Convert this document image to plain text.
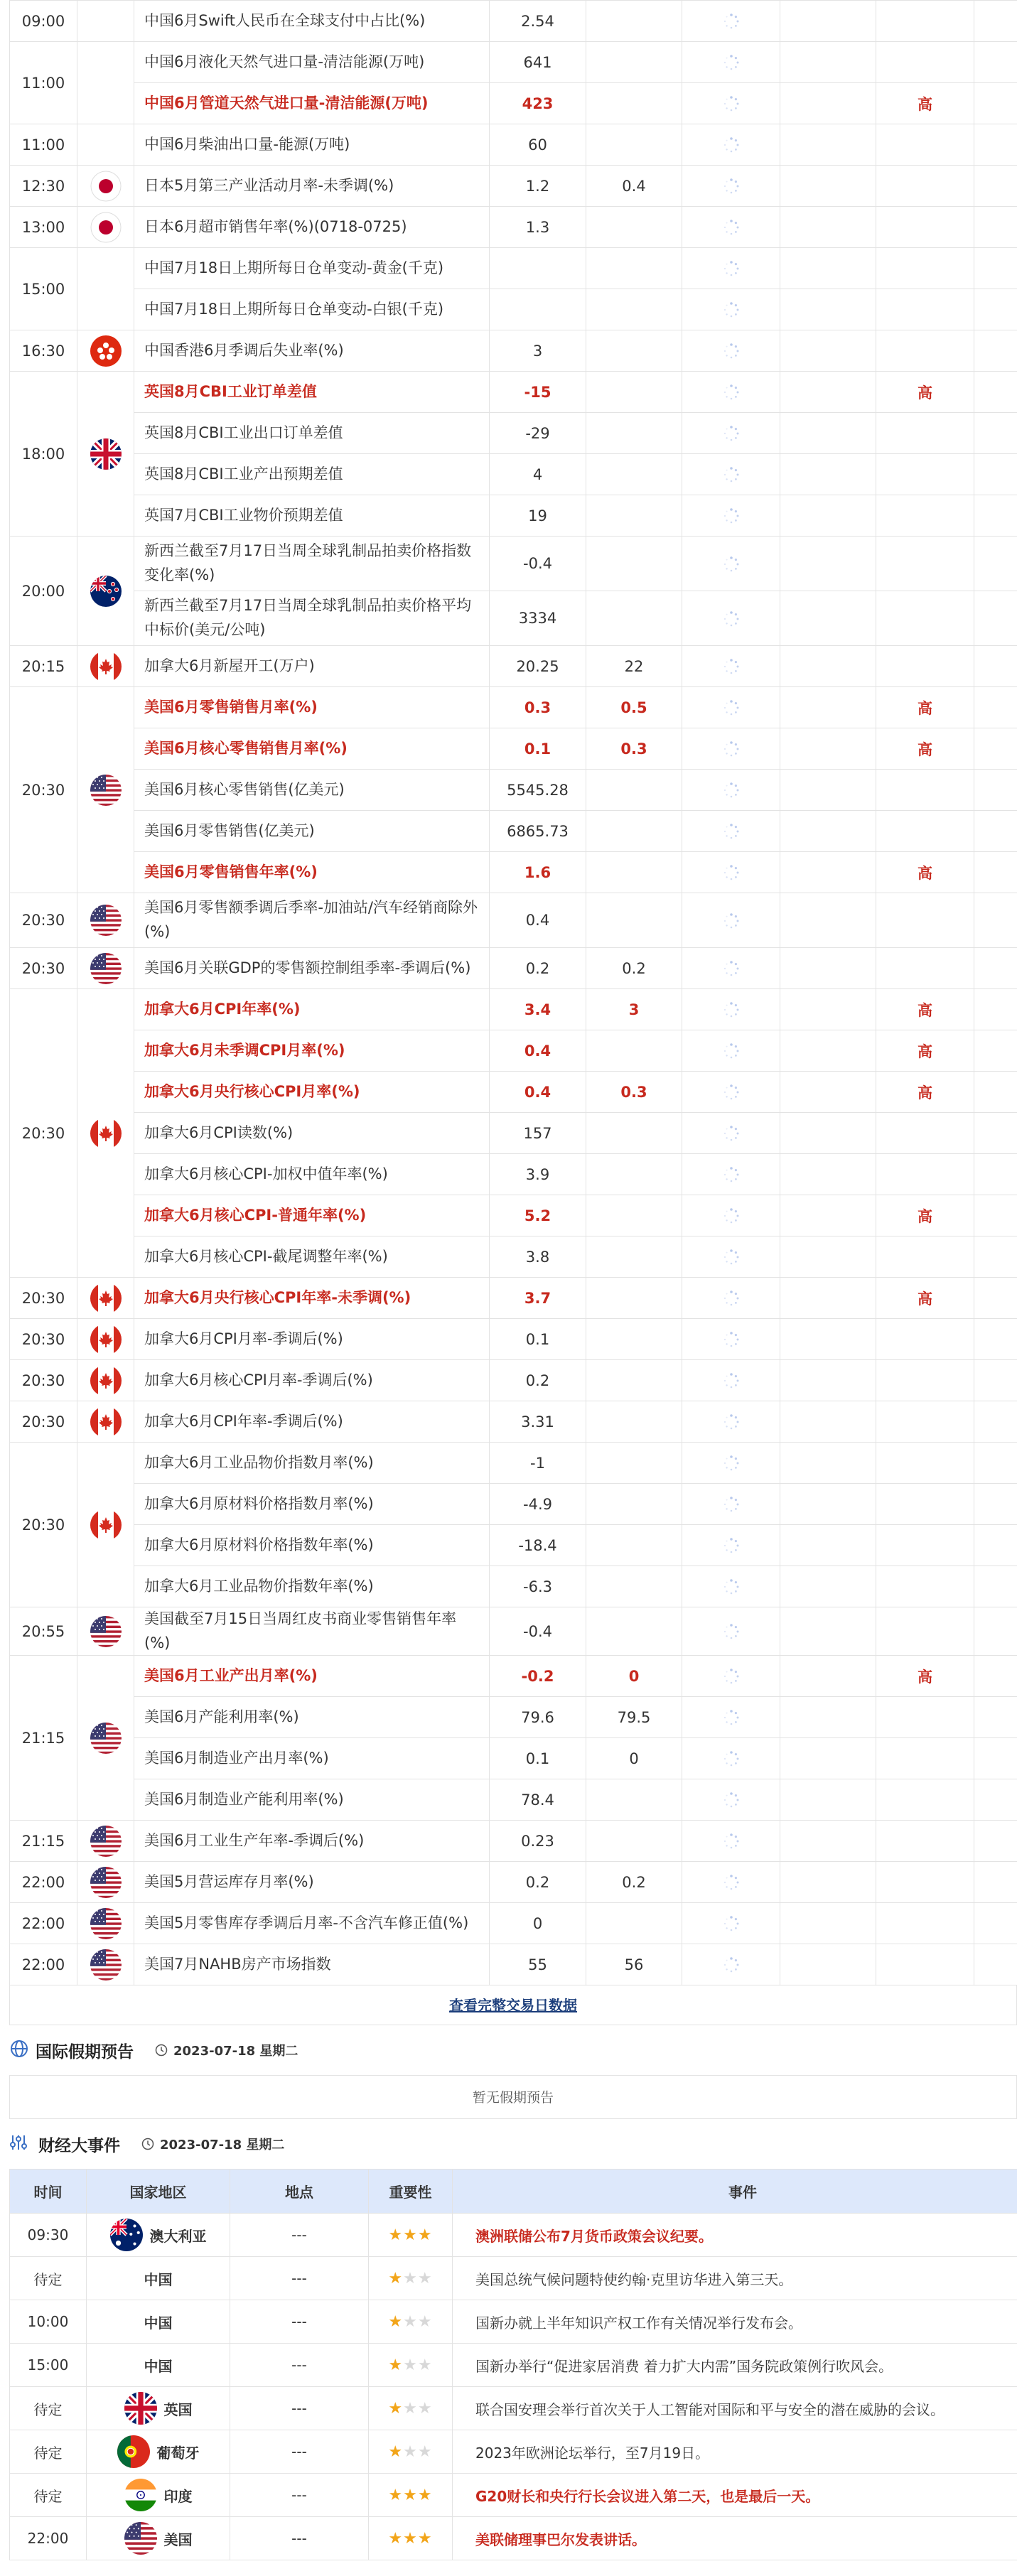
09:00		中国6月Swift人民币在全球支付中占比(%)	2.54					
11:00		中国6月液化天然气进口量-清洁能源(万吨)	641					
		中国6月管道天然气进口量-清洁能源(万吨)	423				高	
11:00		中国6月柴油出口量-能源(万吨)	60					
12:30		日本5月第三产业活动月率-未季调(%)	1.2	0.4				
13:00		日本6月超市销售年率(%)(0718-0725)	1.3					
15:00		中国7月18日上期所每日仓单变动-黄金(千克)						
		中国7月18日上期所每日仓单变动-白银(千克)						
16:30		中国香港6月季调后失业率(%)	3					
18:00		英国8月CBI工业订单差值	-15				高	
		英国8月CBI工业出口订单差值	-29					
		英国8月CBI工业产出预期差值	4					
		英国7月CBI工业物价预期差值	19					
20:00		新西兰截至7月17日当周全球乳制品拍卖价格指数变化率(%)	-0.4					
		新西兰截至7月17日当周全球乳制品拍卖价格平均中标价(美元/公吨)	3334					
20:15		加拿大6月新屋开工(万户)	20.25	22				
20:30		美国6月零售销售月率(%)	0.3	0.5			高	
		美国6月核心零售销售月率(%)	0.1	0.3			高	
		美国6月核心零售销售(亿美元)	5545.28					
		美国6月零售销售(亿美元)	6865.73					
		美国6月零售销售年率(%)	1.6				高	
20:30		美国6月零售额季调后季率-加油站/汽车经销商除外(%)	0.4					
20:30		美国6月关联GDP的零售额控制组季率-季调后(%)	0.2	0.2				
20:30		加拿大6月CPI年率(%)	3.4	3			高	
		加拿大6月未季调CPI月率(%)	0.4				高	
		加拿大6月央行核心CPI月率(%)	0.4	0.3			高	
		加拿大6月CPI读数(%)	157					
		加拿大6月核心CPI-加权中值年率(%)	3.9					
		加拿大6月核心CPI-普通年率(%)	5.2				高	
		加拿大6月核心CPI-截尾调整年率(%)	3.8					
20:30		加拿大6月央行核心CPI年率-未季调(%)	3.7				高	
20:30		加拿大6月CPI月率-季调后(%)	0.1					
20:30		加拿大6月核心CPI月率-季调后(%)	0.2					
20:30		加拿大6月CPI年率-季调后(%)	3.31					
20:30		加拿大6月工业品物价指数月率(%)	-1					
		加拿大6月原材料价格指数月率(%)	-4.9					
		加拿大6月原材料价格指数年率(%)	-18.4					
		加拿大6月工业品物价指数年率(%)	-6.3					
20:55		美国截至7月15日当周红皮书商业零售销售年率(%)	-0.4					
21:15		美国6月工业产出月率(%)	-0.2	0			高	
		美国6月产能利用率(%)	79.6	79.5				
		美国6月制造业产出月率(%)	0.1	0				
		美国6月制造业产能利用率(%)	78.4					
21:15		美国6月工业生产年率-季调后(%)	0.23					
22:00		美国5月营运库存月率(%)	0.2	0.2				
22:00		美国5月零售库存季调后月率-不含汽车修正值(%)	0					
22:00		美国7月NAHB房产市场指数	55	56				
查看完整交易日数据
国际假期预告	2023-07-18 星期二
暂无假期预告
财经大事件	2023-07-18 星期二
时间	国家地区	地点	重要性	事件
09:30	澳大利亚	---	★★★	澳洲联储公布7月货币政策会议纪要。
待定	中国	---	★★★	美国总统气候问题特使约翰·克里访华进入第三天。
10:00	中国	---	★★★	国新办就上半年知识产权工作有关情况举行发布会。
15:00	中国	---	★★★	国新办举行“促进家居消费 着力扩大内需”国务院政策例行吹风会。
待定	英国	---	★★★	联合国安理会举行首次关于人工智能对国际和平与安全的潜在威胁的会议。
待定	葡萄牙	---	★★★	2023年欧洲论坛举行，至7月19日。
待定	印度	---	★★★	G20财长和央行行长会议进入第二天，也是最后一天。
22:00	美国	---	★★★	美联储理事巴尔发表讲话。
